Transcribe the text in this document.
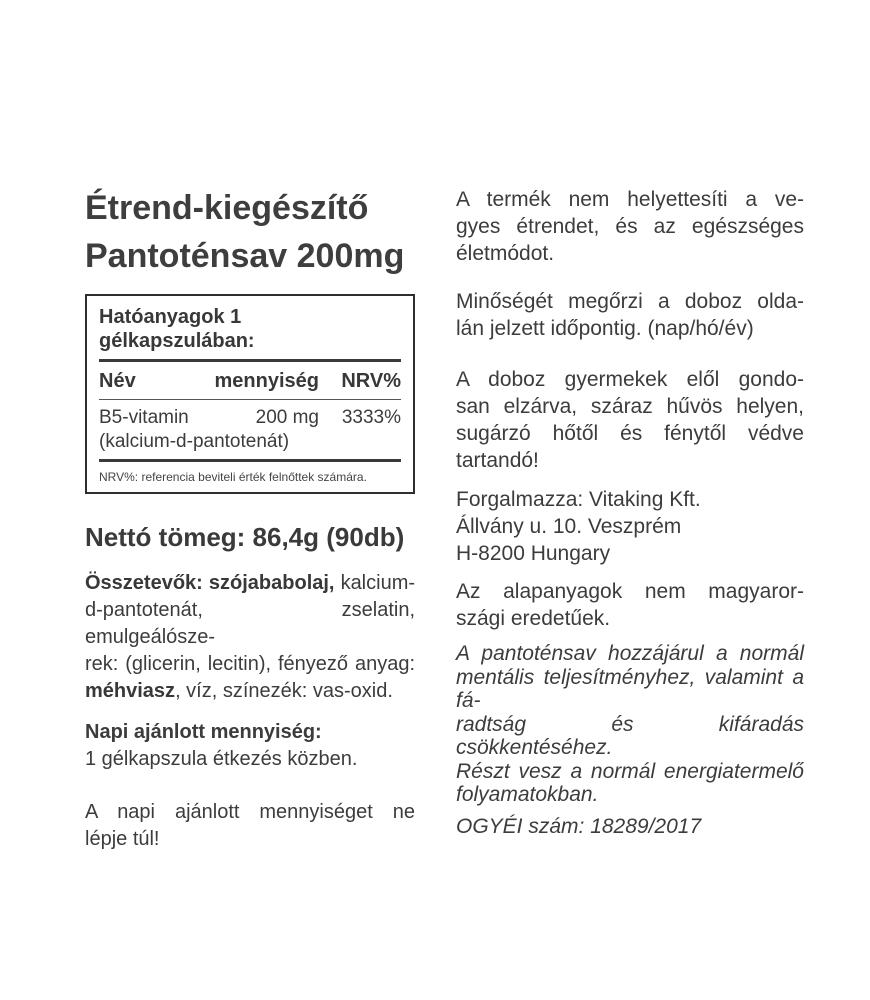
Étrend-kiegészítő
Pantoténsav 200mg
Hatóanyagok 1 gélkapszulában:
Név	mennyiség	NRV%
B5-vitamin	200 mg	3333%
(kalcium-d-pantotenát)
NRV%: referencia beviteli érték felnőttek számára.
Nettó tömeg: 86,4g (90db)
Összetevők: szójababolaj, kalcium-
d-pantotenát, zselatin, emulgeálósze-
rek: (glicerin, lecitin), fényező anyag:
méhviasz, víz, színezék: vas-oxid.
Napi ajánlott mennyiség:
1 gélkapszula étkezés közben.
A napi ajánlott mennyiséget ne
lépje túl!
A termék nem helyettesíti a ve-
gyes étrendet, és az egészséges
életmódot.
Minőségét megőrzi a doboz olda-
lán jelzett időpontig. (nap/hó/év)
A doboz gyermekek elől gondo-
san elzárva, száraz hűvös helyen,
sugárzó hőtől és fénytől védve
tartandó!
Forgalmazza: Vitaking Kft.
Állvány u. 10. Veszprém
H-8200 Hungary
Az alapanyagok nem magyaror-
szági eredetűek.
A pantoténsav hozzájárul a normál
mentális teljesítményhez, valamint a fá-
radtság és kifáradás csökkentéséhez.
Részt vesz a normál energiatermelő
folyamatokban.
OGYÉI szám: 18289/2017
